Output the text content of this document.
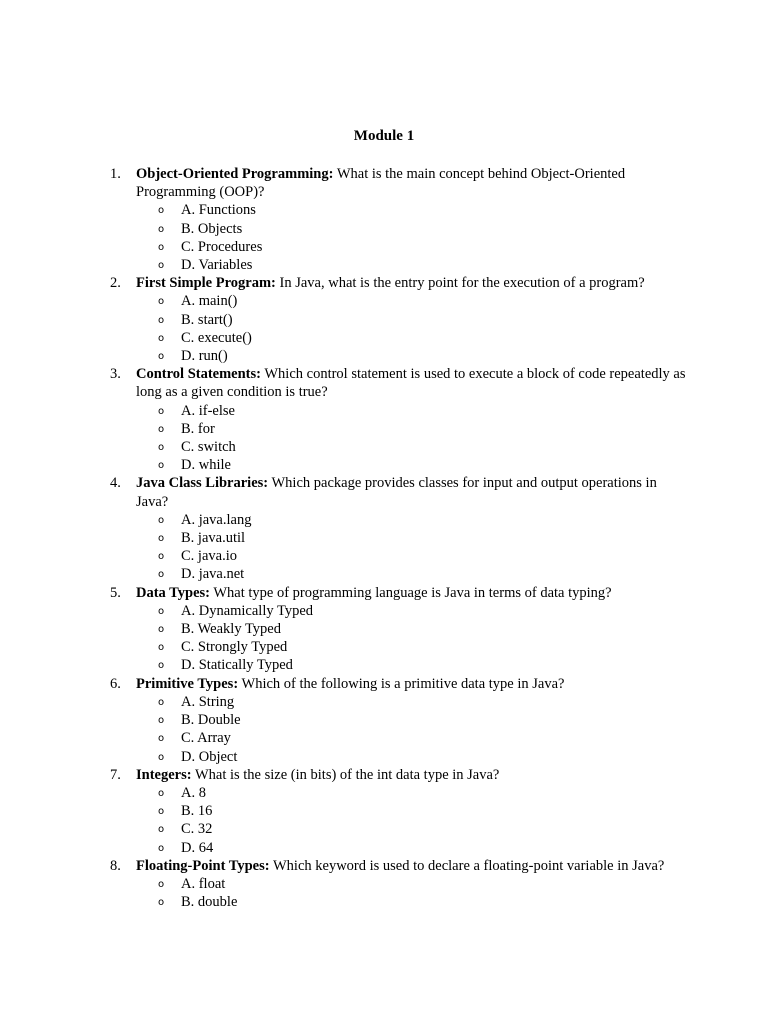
Module 1
1. Object-Oriented Programming: What is the main concept behind Object-Oriented Programming (OOP)?
o A. Functions
o B. Objects
o C. Procedures
o D. Variables
2. First Simple Program: In Java, what is the entry point for the execution of a program?
o A. main()
o B. start()
o C. execute()
o D. run()
3. Control Statements: Which control statement is used to execute a block of code repeatedly as long as a given condition is true?
o A. if-else
o B. for
o C. switch
o D. while
4. Java Class Libraries: Which package provides classes for input and output operations in Java?
o A. java.lang
o B. java.util
o C. java.io
o D. java.net
5. Data Types: What type of programming language is Java in terms of data typing?
o A. Dynamically Typed
o B. Weakly Typed
o C. Strongly Typed
o D. Statically Typed
6. Primitive Types: Which of the following is a primitive data type in Java?
o A. String
o B. Double
o C. Array
o D. Object
7. Integers: What is the size (in bits) of the int data type in Java?
o A. 8
o B. 16
o C. 32
o D. 64
8. Floating-Point Types: Which keyword is used to declare a floating-point variable in Java?
o A. float
o B. double
